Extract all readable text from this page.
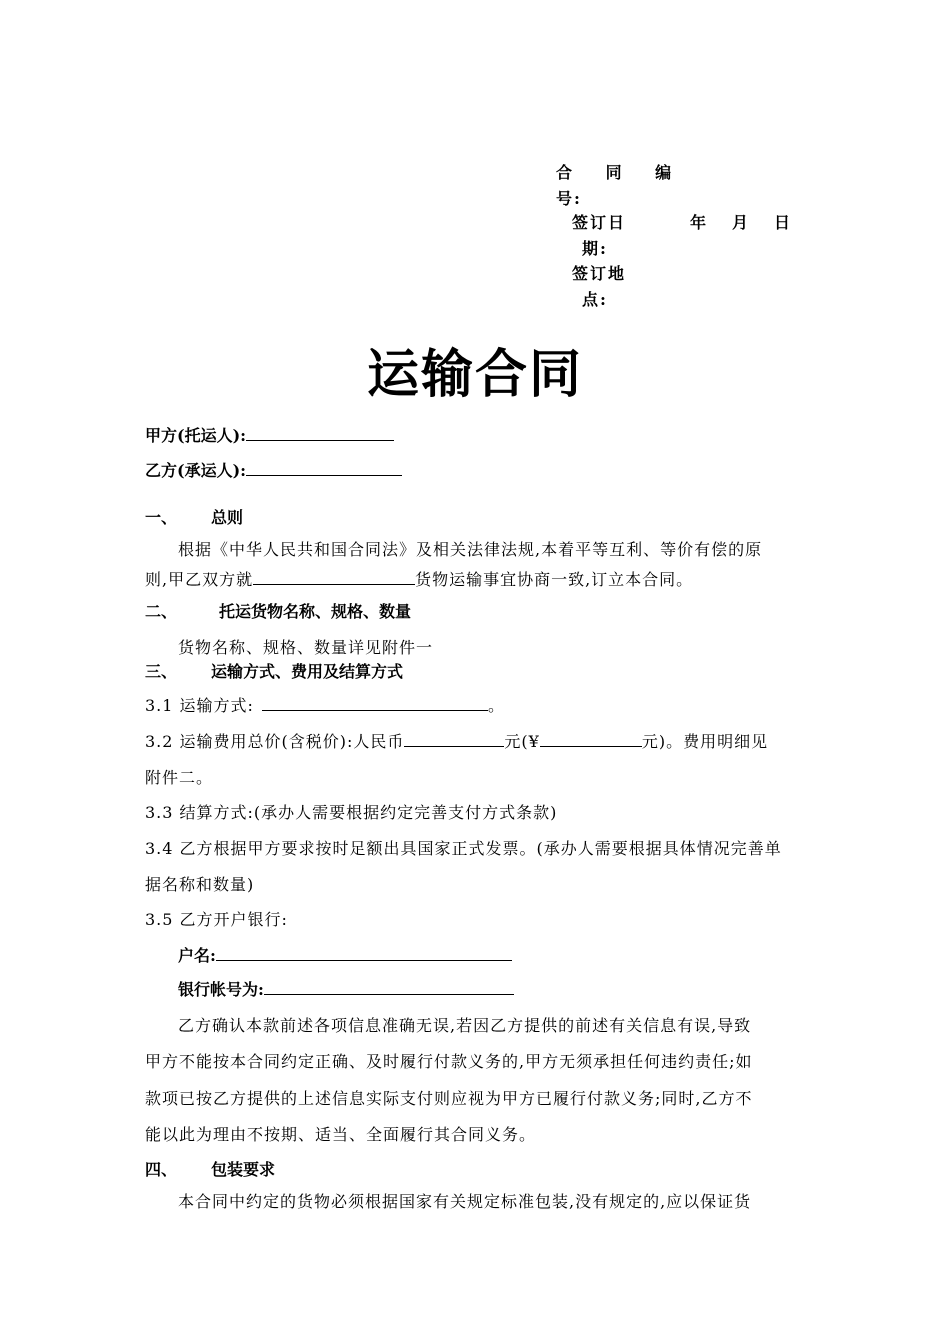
合 同 编
号:
签订日	年 月 日
期:
签订地
点:
运输合同
甲方(托运人):
乙方(承运人):
一、 总则
根据《中华人民共和国合同法》及相关法律法规,本着平等互利、等价有偿的原
则,甲乙双方就	货物运输事宜协商一致,订立本合同。
二、	托运货物名称、规格、数量
货物名称、规格、数量详见附件一
三、 运输方式、费用及结算方式
3.1 运输方式:	。
3.2 运输费用总价(含税价):人民币	元(¥	元)。费用明细见
附件二。
3.3 结算方式:(承办人需要根据约定完善支付方式条款)
3.4 乙方根据甲方要求按时足额出具国家正式发票。(承办人需要根据具体情况完善单
据名称和数量)
3.5 乙方开户银行:
户名:
银行帐号为:
乙方确认本款前述各项信息准确无误,若因乙方提供的前述有关信息有误,导致
甲方不能按本合同约定正确、及时履行付款义务的,甲方无须承担任何违约责任;如
款项已按乙方提供的上述信息实际支付则应视为甲方已履行付款义务;同时,乙方不
能以此为理由不按期、适当、全面履行其合同义务。
四、 包装要求
本合同中约定的货物必须根据国家有关规定标准包装,没有规定的,应以保证货
